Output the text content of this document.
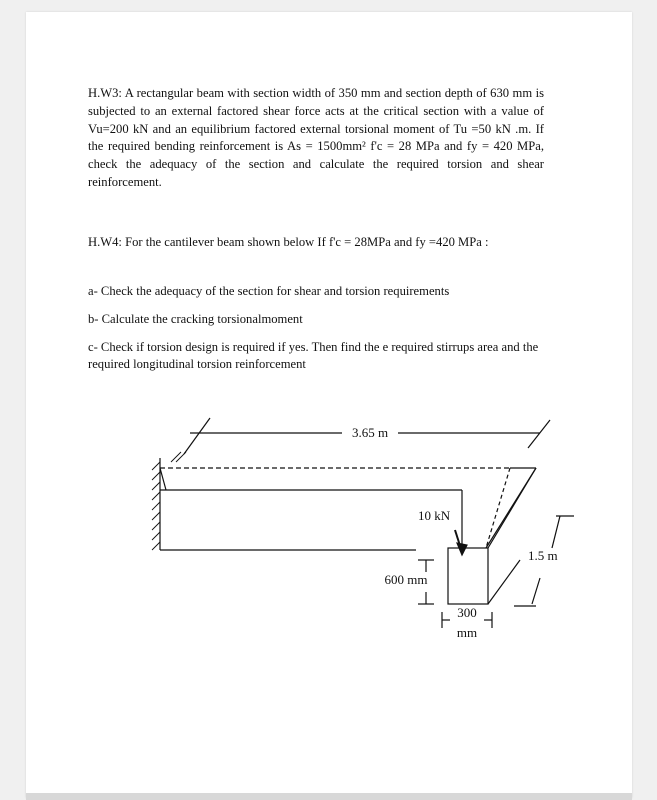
H.W3: A rectangular beam with section width of 350 mm and section depth of 630 mm is subjected to an external factored shear force acts at the critical section with a value of Vu=200 kN and an equilibrium factored external torsional moment of Tu =50 kN .m. If the required bending reinforcement is As = 1500mm² f'c = 28 MPa and fy = 420 MPa, check the adequacy of the section and calculate the required torsion and shear reinforcement.
H.W4: For the cantilever beam shown below If f'c = 28MPa and fy =420 MPa :
a- Check the adequacy of the section for shear and torsion requirements
b- Calculate the cracking torsionalmoment
c- Check if torsion design is required if yes. Then find the e required stirrups area and the required longitudinal torsion reinforcement
3.65 m
10 kN
600 mm
300
mm
1.5 m
